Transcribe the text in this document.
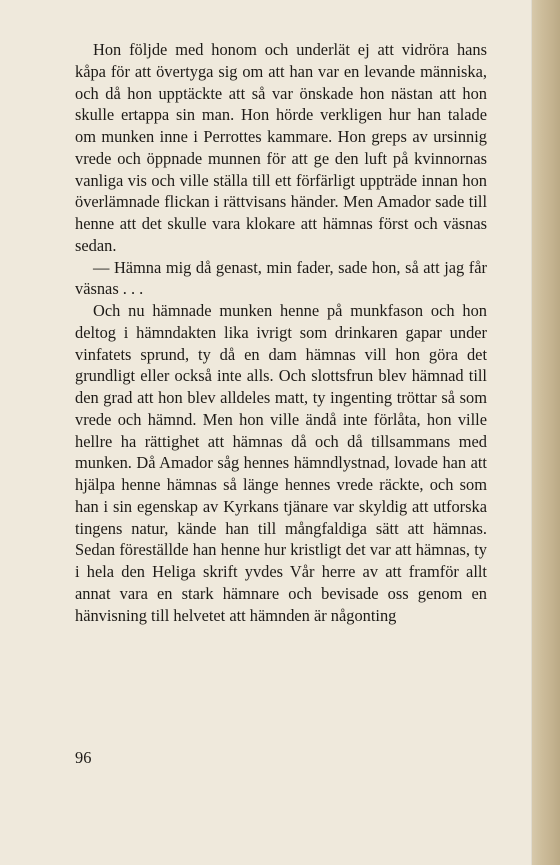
Hon följde med honom och underlät ej att vidröra hans kåpa för att övertyga sig om att han var en levande människa, och då hon upptäckte att så var önskade hon nästan att hon skulle ertappa sin man. Hon hörde verkligen hur han talade om munken inne i Perrottes kammare. Hon greps av ursinnig vrede och öppnade munnen för att ge den luft på kvinnornas vanliga vis och ville ställa till ett förfärligt uppträde innan hon överlämnade flickan i rättvisans händer. Men Amador sade till henne att det skulle vara klokare att hämnas först och väsnas sedan.

— Hämna mig då genast, min fader, sade hon, så att jag får väsnas . . .

Och nu hämnade munken henne på munkfason och hon deltog i hämndakten lika ivrigt som drinkaren gapar under vinfatets sprund, ty då en dam hämnas vill hon göra det grundligt eller också inte alls. Och slottsfrun blev hämnad till den grad att hon blev alldeles matt, ty ingenting tröttar så som vrede och hämnd. Men hon ville ändå inte förlåta, hon ville hellre ha rättighet att hämnas då och då tillsammans med munken. Då Amador såg hennes hämndlystnad, lovade han att hjälpa henne hämnas så länge hennes vrede räckte, och som han i sin egenskap av Kyrkans tjänare var skyldig att utforska tingens natur, kände han till mångfaldiga sätt att hämnas. Sedan föreställde han henne hur kristligt det var att hämnas, ty i hela den Heliga skrift yvdes Vår herre av att framför allt annat vara en stark hämnare och bevisade oss genom en hänvisning till helvetet att hämnden är någonting

96
